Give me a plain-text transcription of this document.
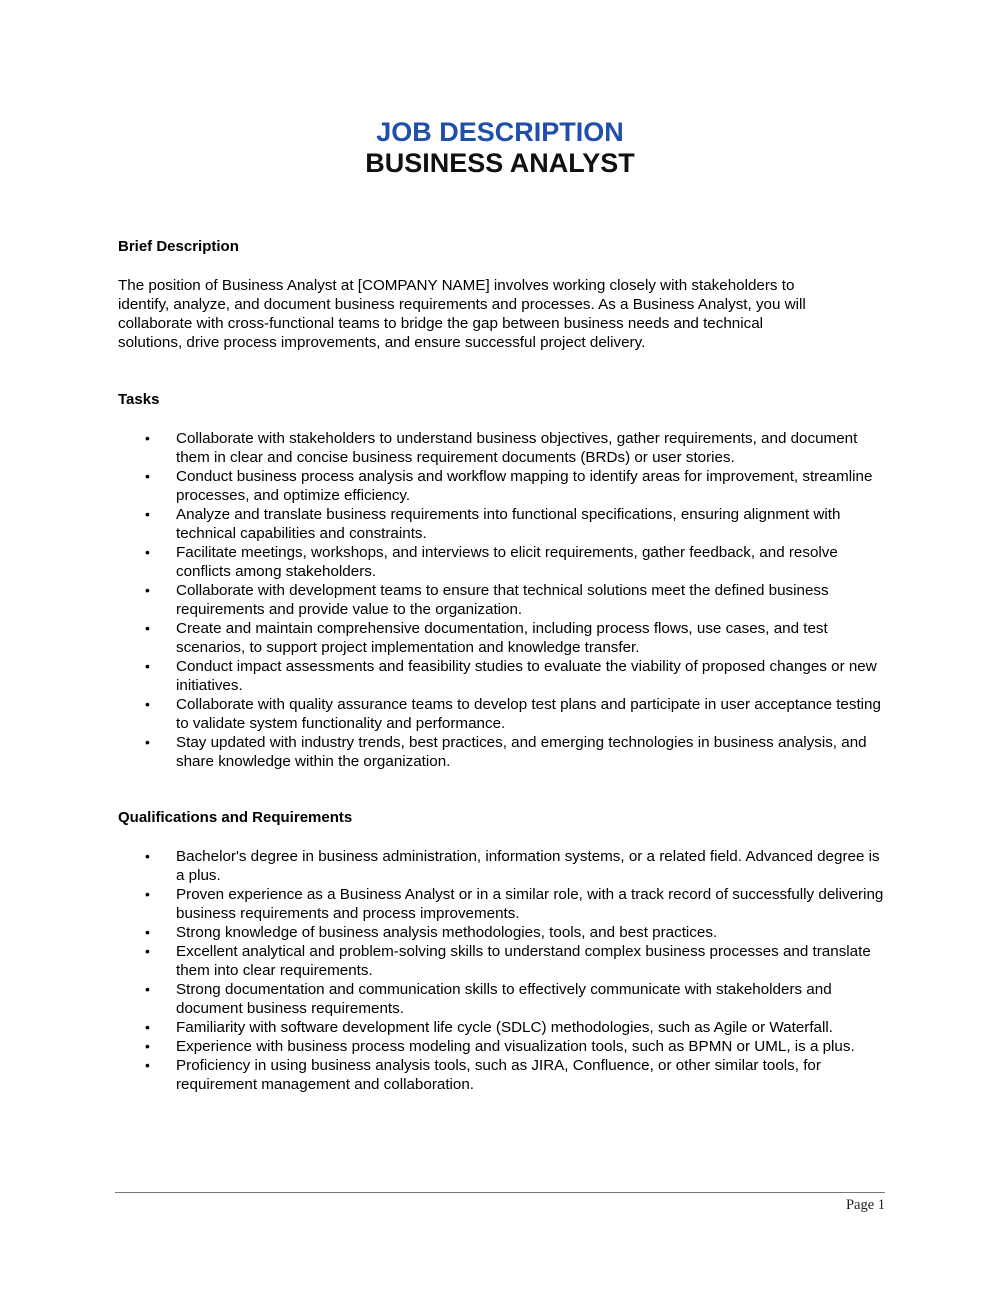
JOB DESCRIPTION
BUSINESS ANALYST
Brief Description

The position of Business Analyst at [COMPANY NAME] involves working closely with stakeholders to
identify, analyze, and document business requirements and processes. As a Business Analyst, you will
collaborate with cross-functional teams to bridge the gap between business needs and technical
solutions, drive process improvements, and ensure successful project delivery.

Tasks
• Collaborate with stakeholders to understand business objectives, gather requirements, and document them in clear and concise business requirement documents (BRDs) or user stories.
• Conduct business process analysis and workflow mapping to identify areas for improvement, streamline processes, and optimize efficiency.
• Analyze and translate business requirements into functional specifications, ensuring alignment with technical capabilities and constraints.
• Facilitate meetings, workshops, and interviews to elicit requirements, gather feedback, and resolve conflicts among stakeholders.
• Collaborate with development teams to ensure that technical solutions meet the defined business requirements and provide value to the organization.
• Create and maintain comprehensive documentation, including process flows, use cases, and test scenarios, to support project implementation and knowledge transfer.
• Conduct impact assessments and feasibility studies to evaluate the viability of proposed changes or new initiatives.
• Collaborate with quality assurance teams to develop test plans and participate in user acceptance testing to validate system functionality and performance.
• Stay updated with industry trends, best practices, and emerging technologies in business analysis, and share knowledge within the organization.
Qualifications and Requirements
• Bachelor's degree in business administration, information systems, or a related field. Advanced degree is a plus.
• Proven experience as a Business Analyst or in a similar role, with a track record of successfully delivering business requirements and process improvements.
• Strong knowledge of business analysis methodologies, tools, and best practices.
• Excellent analytical and problem-solving skills to understand complex business processes and translate them into clear requirements.
• Strong documentation and communication skills to effectively communicate with stakeholders and document business requirements.
• Familiarity with software development life cycle (SDLC) methodologies, such as Agile or Waterfall.
• Experience with business process modeling and visualization tools, such as BPMN or UML, is a plus.
• Proficiency in using business analysis tools, such as JIRA, Confluence, or other similar tools, for requirement management and collaboration.
Page 1
